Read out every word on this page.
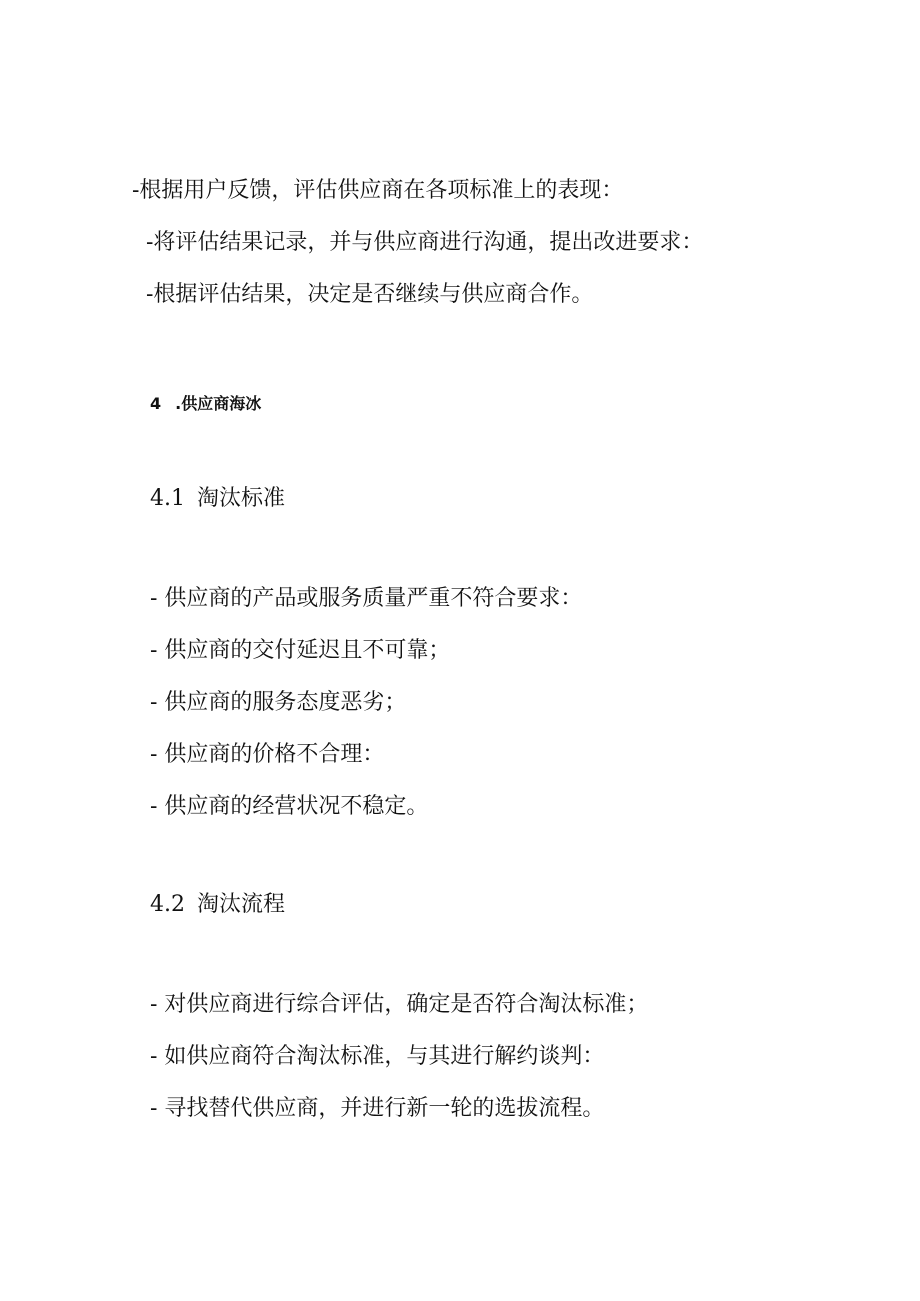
-根据用户反馈，评估供应商在各项标准上的表现：
-将评估结果记录，并与供应商进行沟通，提出改进要求：
-根据评估结果，决定是否继续与供应商合作。
4 .供应商海冰
4.1 淘汰标准
- 供应商的产品或服务质量严重不符合要求：
- 供应商的交付延迟且不可靠；
- 供应商的服务态度恶劣；
- 供应商的价格不合理：
- 供应商的经营状况不稳定。
4.2 淘汰流程
- 对供应商进行综合评估，确定是否符合淘汰标准；
- 如供应商符合淘汰标准，与其进行解约谈判：
- 寻找替代供应商，并进行新一轮的选拔流程。
